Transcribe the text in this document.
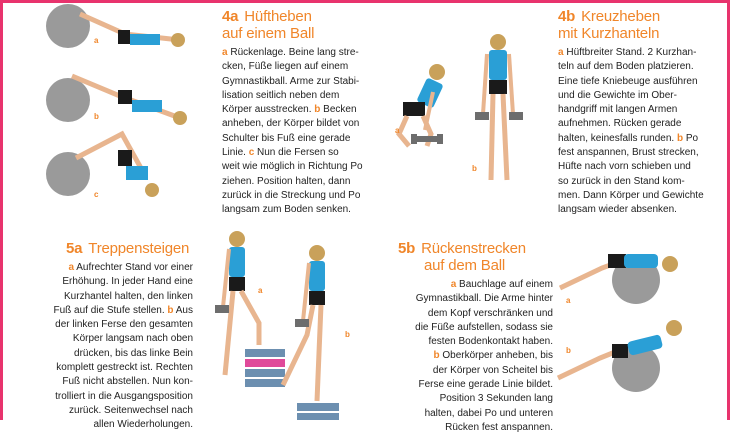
4a Hüftheben
auf einem Ball
a Rückenlage. Beine lang stre-
cken, Füße liegen auf einem
Gymnastikball. Arme zur Stabi-
lisation seitlich neben dem
Körper ausstrecken. b Becken
anheben, der Körper bildet von
Schulter bis Fuß eine gerade
Linie. c Nun die Fersen so
weit wie möglich in Richtung Po
ziehen. Position halten, dann
zurück in die Streckung und Po
langsam zum Boden senken.
a
b
c
4b Kreuzheben
mit Kurzhanteln
a Hüftbreiter Stand. 2 Kurzhan-
teln auf dem Boden platzieren.
Eine tiefe Kniebeuge ausführen
und die Gewichte im Ober-
handgriff mit langen Armen
aufnehmen. Rücken gerade
halten, keinesfalls runden. b Po
fest anspannen, Brust strecken,
Hüfte nach vorn schieben und
so zurück in den Stand kom-
men. Dann Körper und Gewichte
langsam wieder absenken.
a
b
5a Treppensteigen
a Aufrechter Stand vor einer
Erhöhung. In jeder Hand eine
Kurzhantel halten, den linken
Fuß auf die Stufe stellen. b Aus
der linken Ferse den gesamten
Körper langsam nach oben
drücken, bis das linke Bein
komplett gestreckt ist. Rechten
Fuß nicht abstellen. Nun kon-
trolliert in die Ausgangsposition
zurück. Seitenwechsel nach
allen Wiederholungen.
a
b
5b Rückenstrecken
auf dem Ball
a Bauchlage auf einem
Gymnastikball. Die Arme hinter
dem Kopf verschränken und
die Füße aufstellen, sodass sie
festen Bodenkontakt haben.
b Oberkörper anheben, bis
der Körper von Scheitel bis
Ferse eine gerade Linie bildet.
Position 3 Sekunden lang
halten, dabei Po und unteren
Rücken fest anspannen.
a
b
